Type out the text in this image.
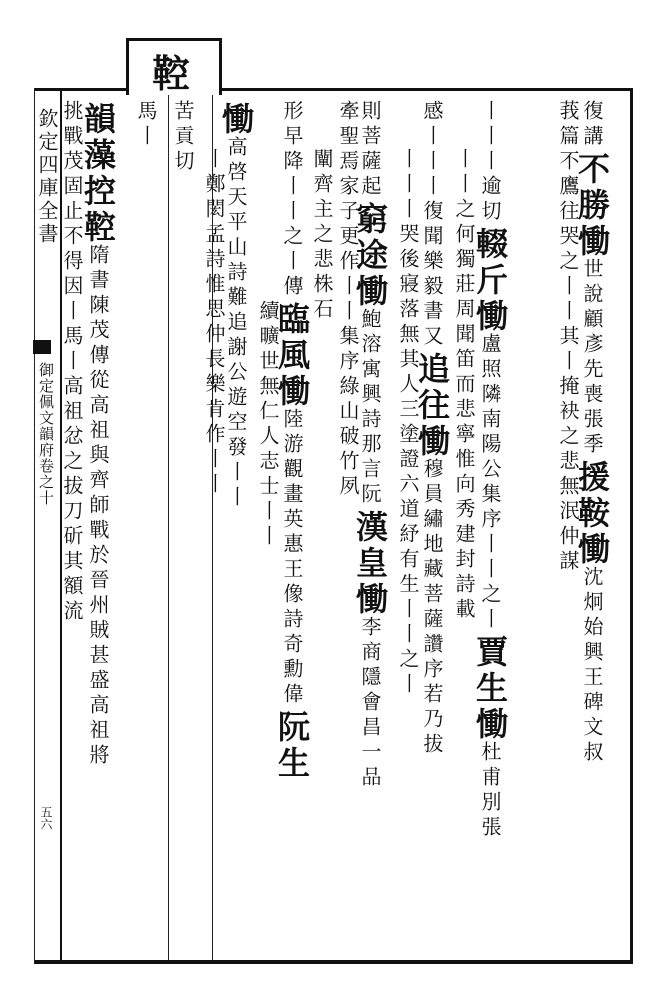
鞚
欽定四庫全書
御定佩文韻府卷之十
五六
苦貢切
馬丨
韻藻控鞚隋書陳茂傳從高祖與齊師戰於晉州賊甚盛高祖將
挑戰茂固止不得因丨馬丨高祖忿之拔刀斫其額流	慟高啓天平山詩難追謝公遊空發丨丨
丨鄭閎孟詩惟思仲長樂肯作丨丨	形早降丨丨之丨傳臨風慟陸游觀畫英惠王像詩奇勳偉阮生
續曠世無仁人志士丨丨
闡齊主之悲株石 則菩薩起窮途慟鮑溶寓興詩那言阮漢皇慟李商隱會昌一品
牽聖焉家子更作丨丨集序綠山破竹夙
感丨丨丨復聞樂毅書又追往慟穆員繡地藏菩薩讚序若乃拔
丨丨丨哭後寢落無其人三塗證六道紓有生丨丨之丨
丨丨丨逾切輟斤慟盧照隣南陽公集序丨丨之丨賈生慟杜甫別張
丨丨之何獨莊周聞笛而悲寧惟向秀建封詩載
復講不勝慟世說顧彥先喪張季援鞍慟沈炯始興王碑文叔
莪篇不鷹往哭之丨丨其丨掩袂之悲無泯仲謀
